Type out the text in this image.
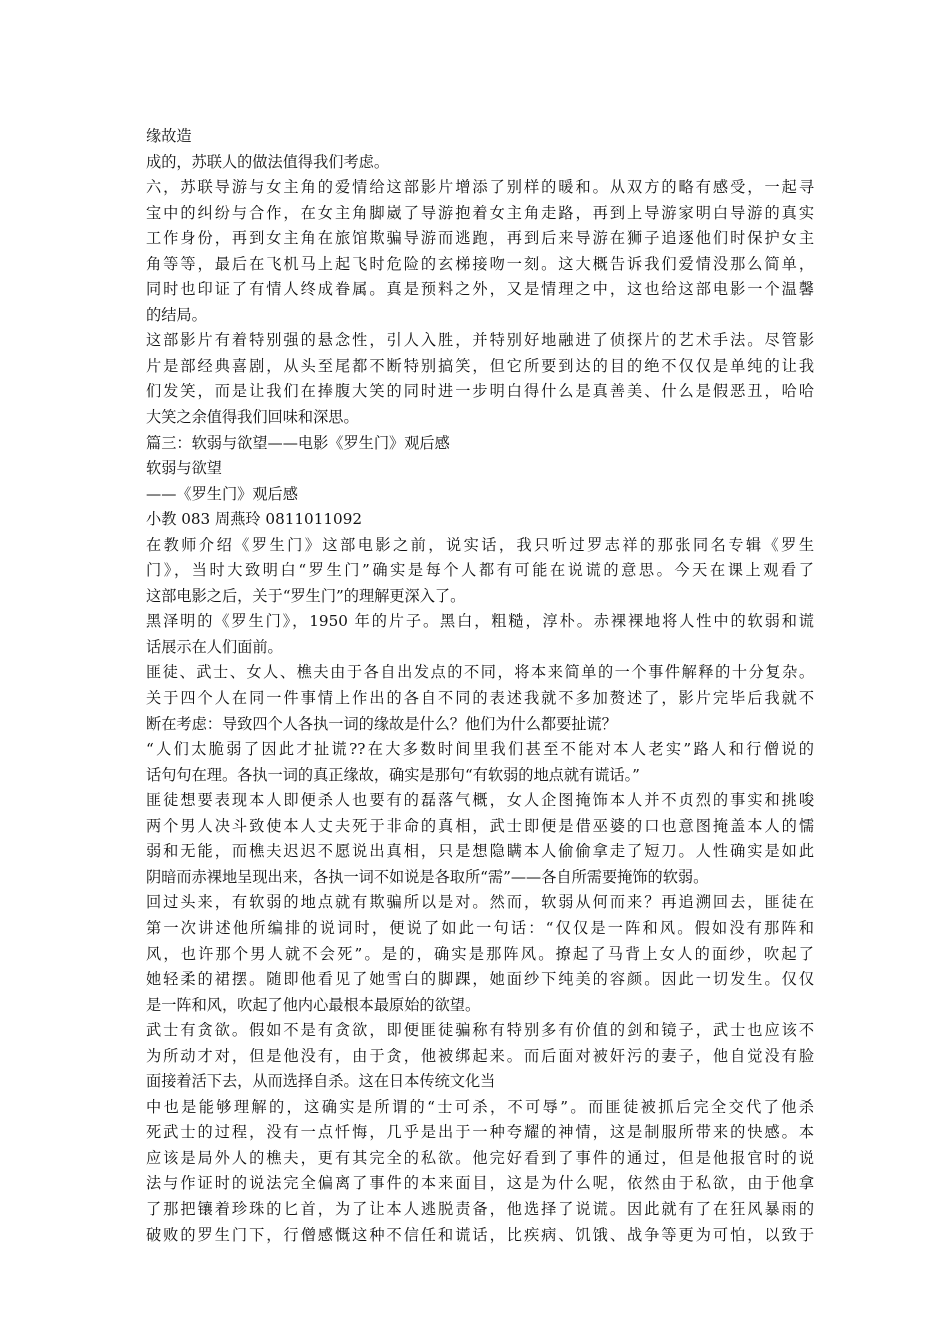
缘故造

成的，苏联人的做法值得我们考虑。

六，苏联导游与女主角的爱情给这部影片增添了别样的暖和。从双方的略有感受，一起寻

宝中的纠纷与合作，在女主角脚崴了导游抱着女主角走路，再到上导游家明白导游的真实

工作身份，再到女主角在旅馆欺骗导游而逃跑，再到后来导游在狮子追逐他们时保护女主

角等等，最后在飞机马上起飞时危险的玄梯接吻一刻。这大概告诉我们爱情没那么简单，

同时也印证了有情人终成眷属。真是预料之外，又是情理之中，这也给这部电影一个温馨

的结局。

这部影片有着特别强的悬念性，引人入胜，并特别好地融进了侦探片的艺术手法。尽管影

片是部经典喜剧，从头至尾都不断特别搞笑，但它所要到达的目的绝不仅仅是单纯的让我

们发笑，而是让我们在捧腹大笑的同时进一步明白得什么是真善美、什么是假恶丑，哈哈

大笑之余值得我们回味和深思。

篇三：软弱与欲望——电影《罗生门》观后感

软弱与欲望

——《罗生门》观后感

小教 083 周燕玲 0811011092

在教师介绍《罗生门》这部电影之前，说实话，我只听过罗志祥的那张同名专辑《罗生

门》，当时大致明白“罗生门”确实是每个人都有可能在说谎的意思。今天在课上观看了

这部电影之后，关于“罗生门”的理解更深入了。

黑泽明的《罗生门》，1950 年的片子。黑白，粗糙，淳朴。赤裸裸地将人性中的软弱和谎

话展示在人们面前。

匪徒、武士、女人、樵夫由于各自出发点的不同，将本来简单的一个事件解释的十分复杂。

关于四个人在同一件事情上作出的各自不同的表述我就不多加赘述了，影片完毕后我就不

断在考虑：导致四个人各执一词的缘故是什么？他们为什么都要扯谎？

“人们太脆弱了因此才扯谎??在大多数时间里我们甚至不能对本人老实”路人和行僧说的

话句句在理。各执一词的真正缘故，确实是那句“有软弱的地点就有谎话。”

匪徒想要表现本人即便杀人也要有的磊落气概，女人企图掩饰本人并不贞烈的事实和挑唆

两个男人决斗致使本人丈夫死于非命的真相，武士即便是借巫婆的口也意图掩盖本人的懦

弱和无能，而樵夫迟迟不愿说出真相，只是想隐瞒本人偷偷拿走了短刀。人性确实是如此

阴暗而赤裸地呈现出来，各执一词不如说是各取所“需”——各自所需要掩饰的软弱。

回过头来，有软弱的地点就有欺骗所以是对。然而，软弱从何而来？再追溯回去，匪徒在

第一次讲述他所编排的说词时，便说了如此一句话：“仅仅是一阵和风。假如没有那阵和

风，也许那个男人就不会死”。是的，确实是那阵风。撩起了马背上女人的面纱，吹起了

她轻柔的裙摆。随即他看见了她雪白的脚踝，她面纱下纯美的容颜。因此一切发生。仅仅

是一阵和风，吹起了他内心最根本最原始的欲望。

武士有贪欲。假如不是有贪欲，即便匪徒骗称有特别多有价值的剑和镜子，武士也应该不

为所动才对，但是他没有，由于贪，他被绑起来。而后面对被奸污的妻子，他自觉没有脸

面接着活下去，从而选择自杀。这在日本传统文化当

中也是能够理解的，这确实是所谓的“士可杀，不可辱”。而匪徒被抓后完全交代了他杀

死武士的过程，没有一点忏悔，几乎是出于一种夸耀的神情，这是制服所带来的快感。本

应该是局外人的樵夫，更有其完全的私欲。他完好看到了事件的通过，但是他报官时的说

法与作证时的说法完全偏离了事件的本来面目，这是为什么呢，依然由于私欲，由于他拿

了那把镶着珍珠的匕首，为了让本人逃脱责备，他选择了说谎。因此就有了在狂风暴雨的

破败的罗生门下，行僧感慨这种不信任和谎话，比疾病、饥饿、战争等更为可怕，以致于
